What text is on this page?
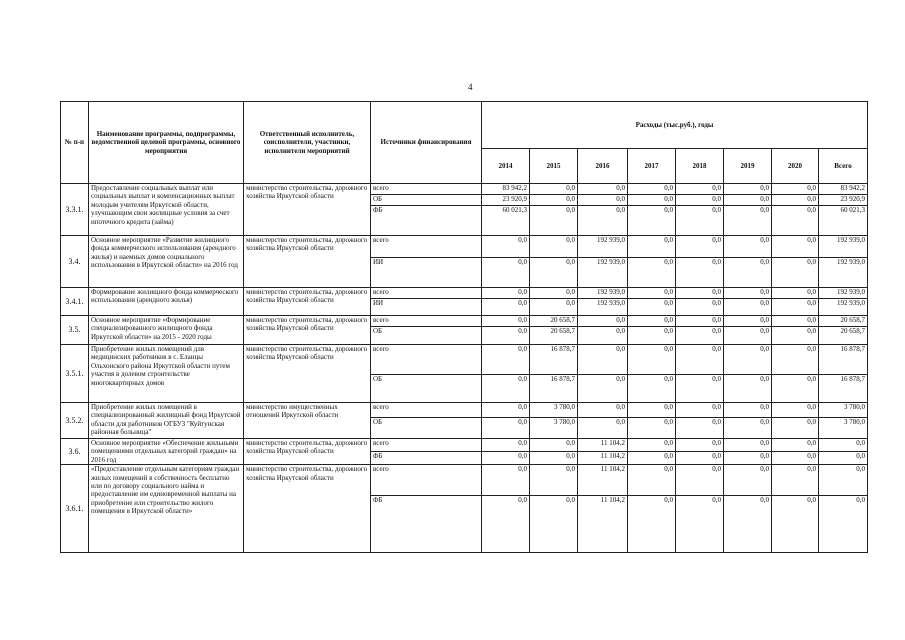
4
№ п-п	Наименование программы, подпрограммы, ведомственной целевой программы, основного мероприятия	Ответственный исполнитель, соисполнители, участники, исполнители мероприятий	Источники финансирования	Расходы (тыс.руб.), годы							
				2014	2015	2016	2017	2018	2019	2020	Всего
3.3.1.	Предоставление социальных выплат или социальных выплат и компенсационных выплат молодым учителям Иркутской области, улучшающим свои жилищные условия за счет ипотечного кредита (займа)	министерство строительства, дорожного хозяйства Иркутской области	всего	83 942,2	0,0	0,0	0,0	0,0	0,0	0,0	83 942,2
			ОБ	23 920,9	0,0	0,0	0,0	0,0	0,0	0,0	23 920,9
			ФБ	60 021,3	0,0	0,0	0,0	0,0	0,0	0,0	60 021,3
3.4.	Основное мероприятие «Развитие жилищного фонда коммерческого использования (арендного жилья) и наемных домов социального использования в Иркутской области» на 2016 год	министерство строительства, дорожного хозяйства Иркутской области	всего	0,0	0,0	192 939,0	0,0	0,0	0,0	0,0	192 939,0
			ИИ	0,0	0,0	192 939,0	0,0	0,0	0,0	0,0	192 939,0
3.4.1.	Формирование жилищного фонда коммерческого использования (арендного жилья)	министерство строительства, дорожного хозяйства Иркутской области	всего	0,0	0,0	192 939,0	0,0	0,0	0,0	0,0	192 939,0
			ИИ	0,0	0,0	192 939,0	0,0	0,0	0,0	0,0	192 939,0
3.5.	Основное мероприятие «Формирование специализированного жилищного фонда Иркутской области» на 2015 - 2020 годы	министерство строительства, дорожного хозяйства Иркутской области	всего	0,0	20 658,7	0,0	0,0	0,0	0,0	0,0	20 658,7
			ОБ	0,0	20 658,7	0,0	0,0	0,0	0,0	0,0	20 658,7
3.5.1.	Приобретение жилых помещений для медицинских работников в с. Еланцы Ольхонского района Иркутской области путем участия в долевом строительстве многоквартирных домов	министерство строительства, дорожного хозяйства Иркутской области	всего	0,0	16 878,7	0,0	0,0	0,0	0,0	0,0	16 878,7
			ОБ	0,0	16 878,7	0,0	0,0	0,0	0,0	0,0	16 878,7
3.5.2.	Приобретение жилых помещений в специализированный жилищный фонд Иркутской области для работников ОГБУЗ "Куйтунская районная больница"	министерство имущественных отношений Иркутской области	всего	0,0	3 780,0	0,0	0,0	0,0	0,0	0,0	3 780,0
			ОБ	0,0	3 780,0	0,0	0,0	0,0	0,0	0,0	3 780,0
3.6.	Основное мероприятие «Обеспечение жильными помещениями отдельных категорий граждан» на 2016 год	министерство строительства, дорожного хозяйства Иркутской области	всего	0,0	0,0	11 104,2	0,0	0,0	0,0	0,0	0,0
			ФБ	0,0	0,0	11 104,2	0,0	0,0	0,0	0,0	0,0
3.6.1.	«Предоставление отдельным категориям граждан жилых помещений в собственность бесплатно или по договору социального найма и предоставление им единовременной выплаты на приобретение или строительство жилого помещения в Иркутской области»	министерство строительства, дорожного хозяйства Иркутской области	всего	0,0	0,0	11 104,2	0,0	0,0	0,0	0,0	0,0
			ФБ	0,0	0,0	11 104,2	0,0	0,0	0,0	0,0	0,0
